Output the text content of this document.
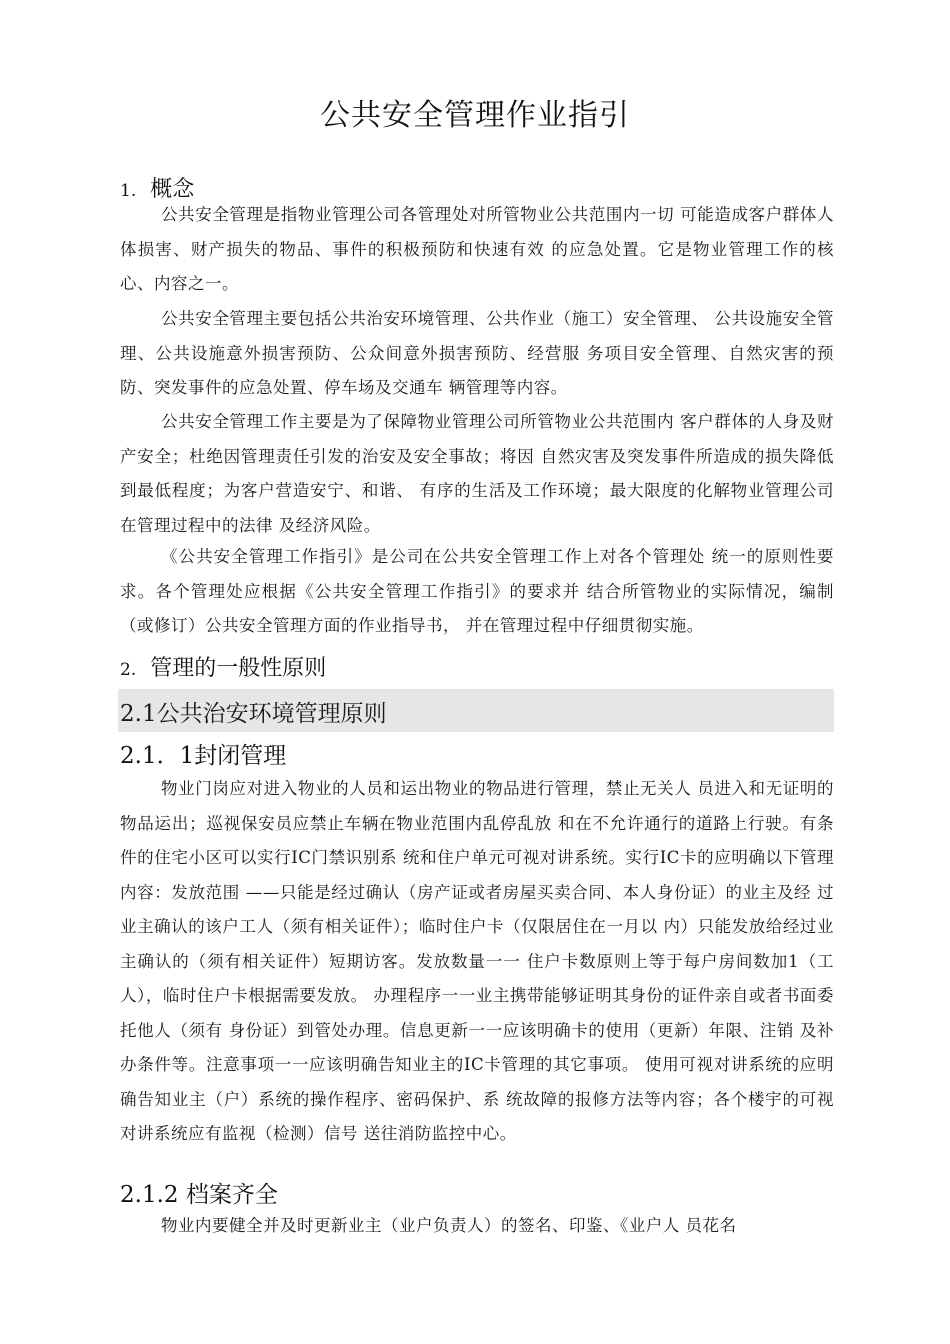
公共安全管理作业指引
1. 概念

公共安全管理是指物业管理公司各管理处对所管物业公共范围内一切 可能造成客户群体人体损害、财产损失的物品、事件的积极预防和快速有效 的应急处置。它是物业管理工作的核心、内容之一。

公共安全管理主要包括公共治安环境管理、公共作业（施工）安全管理、 公共设施安全管理、公共设施意外损害预防、公众间意外损害预防、经营服 务项目安全管理、自然灾害的预防、突发事件的应急处置、停车场及交通车 辆管理等内容。

公共安全管理工作主要是为了保障物业管理公司所管物业公共范围内 客户群体的人身及财产安全；杜绝因管理责任引发的治安及安全事故；将因 自然灾害及突发事件所造成的损失降低到最低程度；为客户营造安宁、和谐、 有序的生活及工作环境；最大限度的化解物业管理公司在管理过程中的法律 及经济风险。

《公共安全管理工作指引》是公司在公共安全管理工作上对各个管理处 统一的原则性要求。各个管理处应根据《公共安全管理工作指引》的要求并 结合所管物业的实际情况，编制（或修订）公共安全管理方面的作业指导书， 并在管理过程中仔细贯彻实施。

2. 管理的一般性原则
2.1公共治安环境管理原则
2.1．1封闭管理

物业门岗应对进入物业的人员和运出物业的物品进行管理，禁止无关人 员进入和无证明的物品运出；巡视保安员应禁止车辆在物业范围内乱停乱放 和在不允许通行的道路上行驶。有条件的住宅小区可以实行IC门禁识别系 统和住户单元可视对讲系统。实行IC卡的应明确以下管理内容：发放范围 ——只能是经过确认（房产证或者房屋买卖合同、本人身份证）的业主及经 过业主确认的该户工人（须有相关证件）；临时住户卡（仅限居住在一月以 内）只能发放给经过业主确认的（须有相关证件）短期访客。发放数量一一 住户卡数原则上等于每户房间数加1（工人），临时住户卡根据需要发放。 办理程序一一业主携带能够证明其身份的证件亲自或者书面委托他人（须有 身份证）到管处办理。信息更新一一应该明确卡的使用（更新）年限、注销 及补办条件等。注意事项一一应该明确告知业主的IC卡管理的其它事项。 使用可视对讲系统的应明确告知业主（户）系统的操作程序、密码保护、系 统故障的报修方法等内容；各个楼宇的可视对讲系统应有监视（检测）信号 送往消防监控中心。

2.1.2 档案齐全

物业内要健全并及时更新业主（业户负责人）的签名、印鉴、《业户人 员花名
